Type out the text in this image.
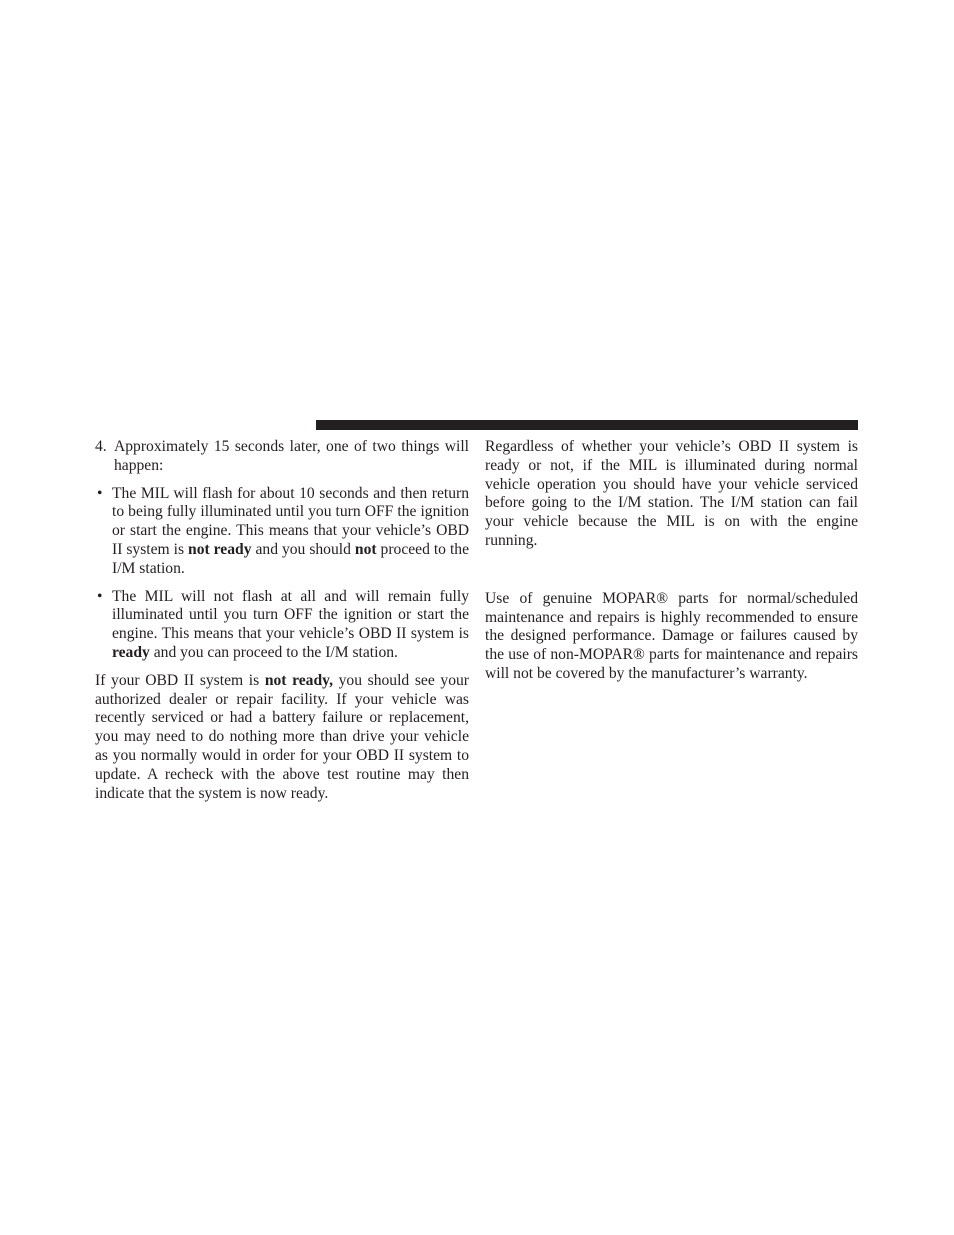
4. Approximately 15 seconds later, one of two things will happen:
• The MIL will flash for about 10 seconds and then return to being fully illuminated until you turn OFF the ignition or start the engine. This means that your vehicle’s OBD II system is not ready and you should not proceed to the I/M station.

• The MIL will not flash at all and will remain fully illuminated until you turn OFF the ignition or start the engine. This means that your vehicle’s OBD II system is ready and you can proceed to the I/M station.

If your OBD II system is not ready, you should see your authorized dealer or repair facility. If your vehicle was recently serviced or had a battery failure or replacement, you may need to do nothing more than drive your vehicle as you normally would in order for your OBD II system to update. A recheck with the above test routine may then indicate that the system is now ready.

Regardless of whether your vehicle’s OBD II system is ready or not, if the MIL is illuminated during normal vehicle operation you should have your vehicle serviced before going to the I/M station. The I/M station can fail your vehicle because the MIL is on with the engine running.

Use of genuine MOPAR® parts for normal/scheduled maintenance and repairs is highly recommended to ensure the designed performance. Damage or failures caused by the use of non-MOPAR® parts for maintenance and repairs will not be covered by the manufacturer’s warranty.
